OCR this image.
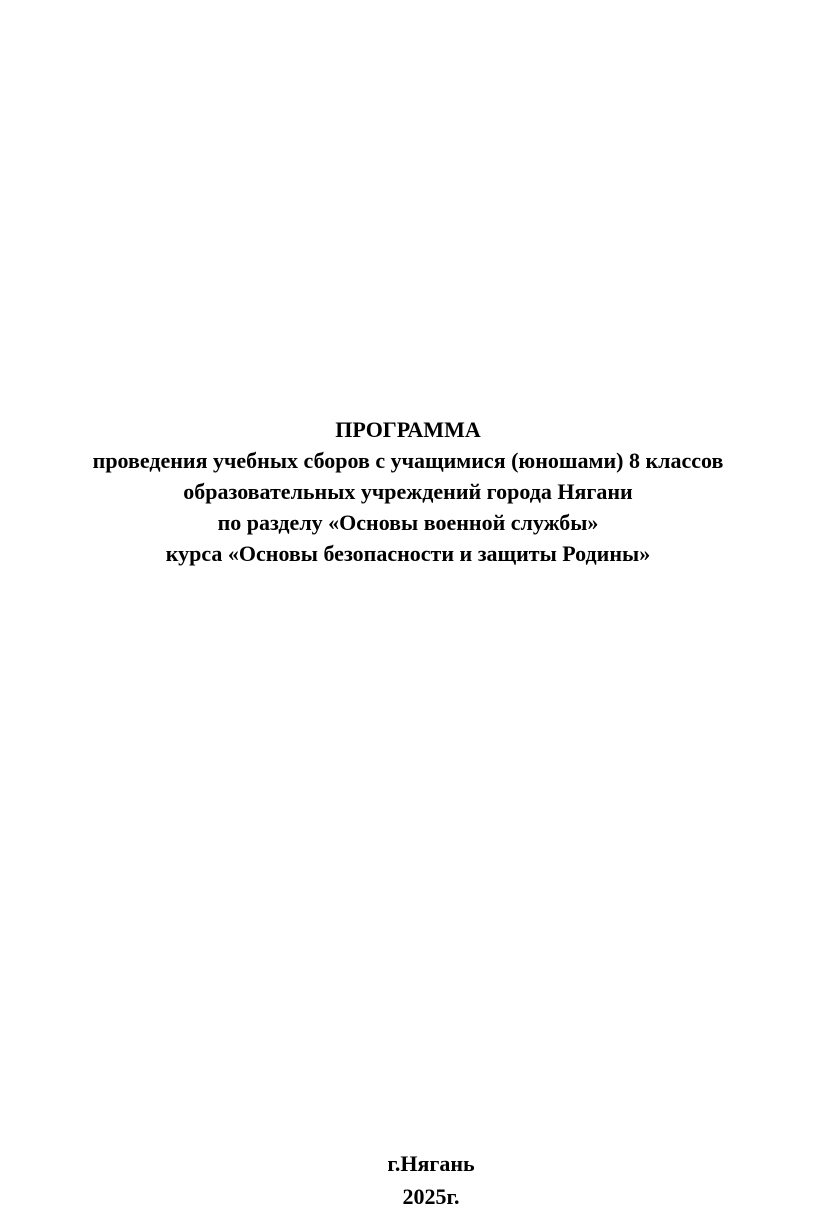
ПРОГРАММА
проведения учебных сборов с учащимися (юношами) 8 классов
образовательных учреждений города Нягани
по разделу «Основы военной службы»
курса «Основы безопасности и защиты Родины»
г.Нягань
2025г.
